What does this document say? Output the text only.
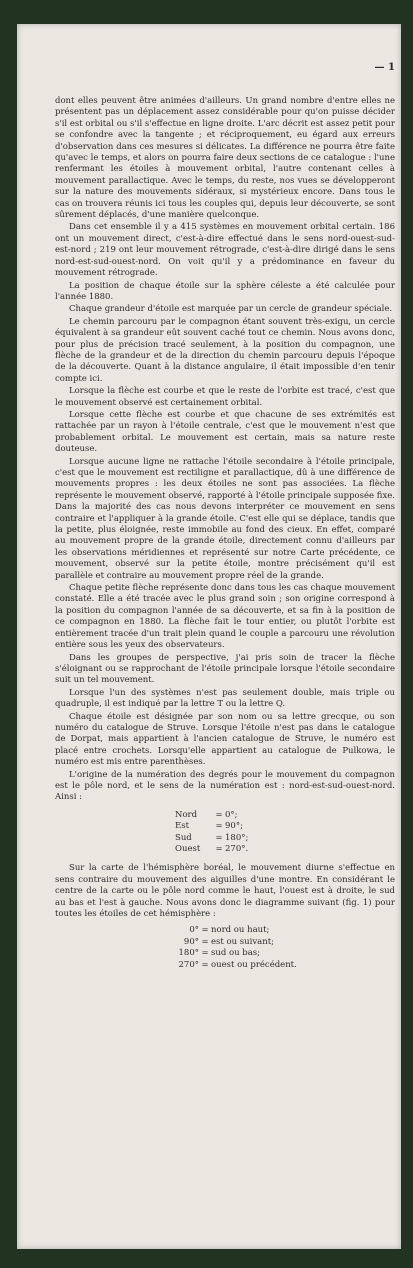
— 1

dont elles peuvent être animées d'ailleurs. Un grand nombre d'entre elles ne présentent pas un déplacement assez considérable pour qu'on puisse décider s'il est orbital ou s'il s'effectue en ligne droite. L'arc décrit est assez petit pour se confondre avec la tangente ; et réciproquement, eu égard aux erreurs d'observation dans ces mesures si délicates. La différence ne pourra être faite qu'avec le temps, et alors on pourra faire deux sections de ce catalogue : l'une renfermant les étoiles à mouvement orbital, l'autre contenant celles à mouvement parallactique. Avec le temps, du reste, nos vues se développeront sur la nature des mouvements sidéraux, si mystérieux encore. Dans tous le cas on trouvera réunis ici tous les couples qui, depuis leur découverte, se sont sûrement déplacés, d'une manière quelconque.

Dans cet ensemble il y a 415 systèmes en mouvement orbital certain. 186 ont un mouvement direct, c'est-à-dire effectué dans le sens nord-ouest-sud-est-nord ; 219 ont leur mouvement rétrograde, c'est-à-dire dirigé dans le sens nord-est-sud-ouest-nord. On voit qu'il y a prédominance en faveur du mouvement rétrograde.

La position de chaque étoile sur la sphère céleste a été calculée pour l'année 1880.

Chaque grandeur d'étoile est marquée par un cercle de grandeur spéciale.

Le chemin parcouru par le compagnon étant souvent très-exigu, un cercle équivalent à sa grandeur eût souvent caché tout ce chemin. Nous avons donc, pour plus de précision tracé seulement, à la position du compagnon, une flèche de la grandeur et de la direction du chemin parcouru depuis l'époque de la découverte. Quant à la distance angulaire, il était impossible d'en tenir compte ici.

Lorsque la flèche est courbe et que le reste de l'orbite est tracé, c'est que le mouvement observé est certainement orbital.

Lorsque cette flèche est courbe et que chacune de ses extrémités est rattachée par un rayon à l'étoile centrale, c'est que le mouvement n'est que probablement orbital. Le mouvement est certain, mais sa nature reste douteuse.

Lorsque aucune ligne ne rattache l'étoile secondaire à l'étoile principale, c'est que le mouvement est rectiligne et parallactique, dû à une différence de mouvements propres : les deux étoiles ne sont pas associées. La flèche représente le mouvement observé, rapporté à l'étoile principale supposée fixe. Dans la majorité des cas nous devons interpréter ce mouvement en sens contraire et l'appliquer à la grande étoile. C'est elle qui se déplace, tandis que la petite, plus éloignée, reste immobile au fond des cieux. En effet, comparé au mouvement propre de la grande étoile, directement connu d'ailleurs par les observations méridiennes et représenté sur notre Carte précédente, ce mouvement, observé sur la petite étoile, montre précisément qu'il est parallèle et contraire au mouvement propre réel de la grande.

Chaque petite flèche représente donc dans tous les cas chaque mouvement constaté. Elle a été tracée avec le plus grand soin ; son origine correspond à la position du compagnon l'année de sa découverte, et sa fin à la position de ce compagnon en 1880. La flèche fait le tour entier, ou plutôt l'orbite est entièrement tracée d'un trait plein quand le couple a parcouru une révolution entière sous les yeux des observateurs.

Dans les groupes de perspective, j'ai pris soin de tracer la flèche s'éloignant ou se rapprochant de l'étoile principale lorsque l'étoile secondaire suit un tel mouvement.

Lorsque l'un des systèmes n'est pas seulement double, mais triple ou quadruple, il est indiqué par la lettre T ou la lettre Q.

Chaque étoile est désignée par son nom ou sa lettre grecque, ou son numéro du catalogue de Struve. Lorsque l'étoile n'est pas dans le catalogue de Dorpat, mais appartient à l'ancien catalogue de Struve, le numéro est placé entre crochets. Lorsqu'elle appartient au catalogue de Pulkowa, le numéro est mis entre parenthèses.

L'origine de la numération des degrés pour le mouvement du compagnon est le pôle nord, et le sens de la numération est : nord-est-sud-ouest-nord. Ainsi :

Nord	= 0°;
Est	= 90°;
Sud	= 180°;
Ouest	= 270°.

Sur la carte de l'hémisphère boréal, le mouvement diurne s'effectue en sens contraire du mouvement des aiguilles d'une montre. En considérant le centre de la carte ou le pôle nord comme le haut, l'ouest est à droite, le sud au bas et l'est à gauche. Nous avons donc le diagramme suivant (fig. 1) pour toutes les étoiles de cet hémisphère :

0° = nord ou haut;
90° = est ou suivant;
180° = sud ou bas;
270° = ouest ou précédent.
